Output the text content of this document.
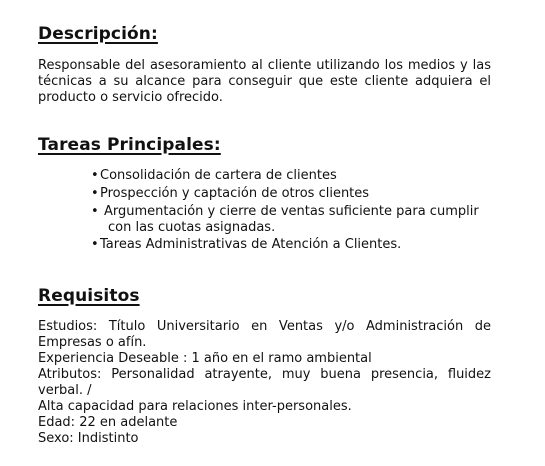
Descripción:
Responsable del asesoramiento al cliente utilizando los medios y las técnicas a su alcance para conseguir que este cliente adquiera el producto o servicio ofrecido.
Tareas Principales:
• Consolidación de cartera de clientes
• Prospección y captación de otros clientes
• Argumentación y cierre de ventas suficiente para cumplir
con las cuotas asignadas.
• Tareas Administrativas de Atención a Clientes.
Requisitos
Estudios: Título Universitario en Ventas y/o Administración de
Empresas o afín.
Experiencia Deseable : 1 año en el ramo ambiental
Atributos: Personalidad atrayente, muy buena presencia, fluidez
verbal. /
Alta capacidad para relaciones inter-personales.
Edad: 22 en adelante
Sexo: Indistinto
